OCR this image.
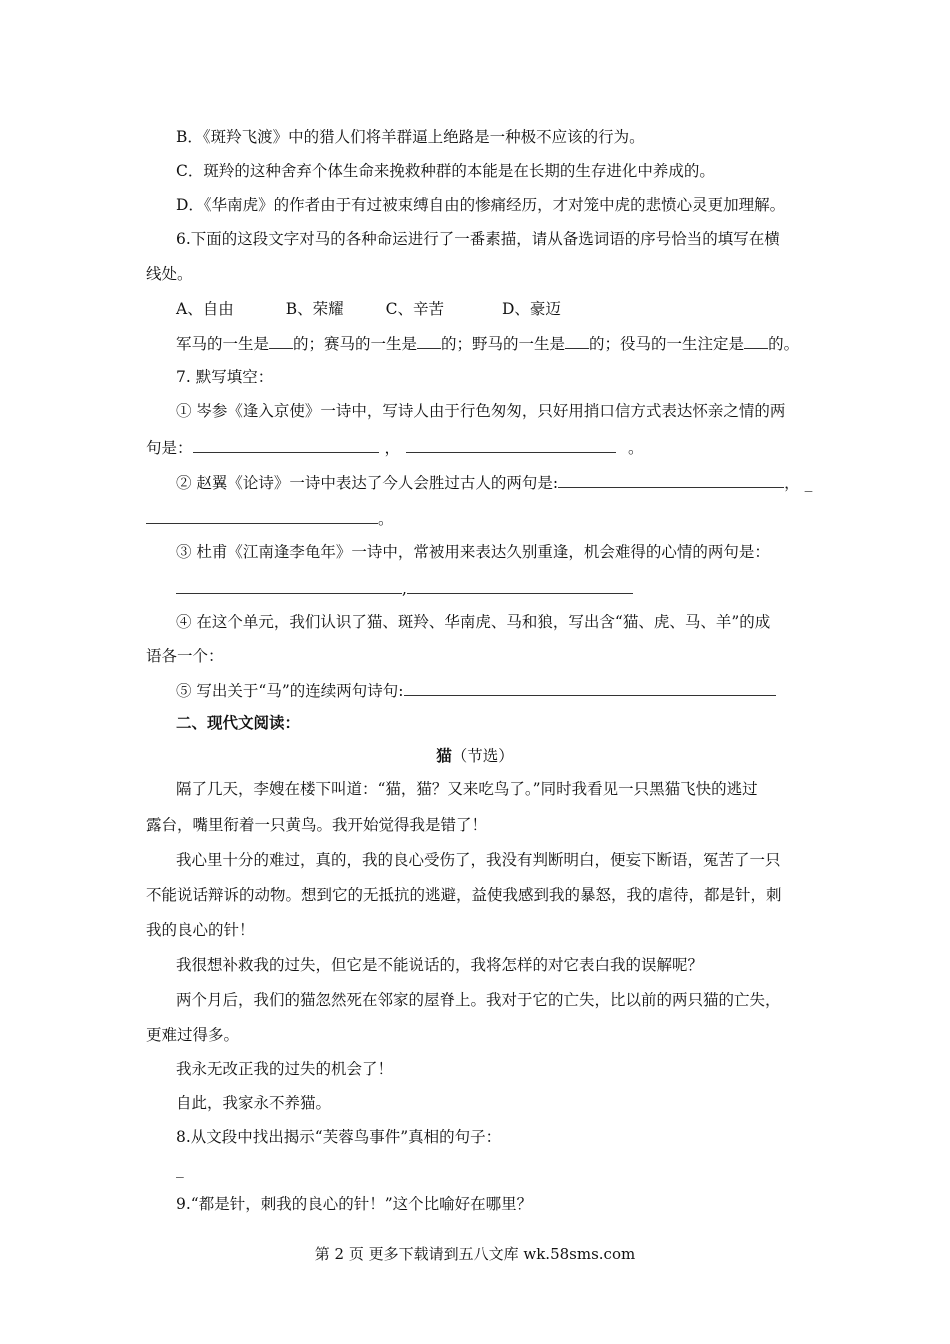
B．《斑羚飞渡》中的猎人们将羊群逼上绝路是一种极不应该的行为。
C．斑羚的这种舍弃个体生命来挽救种群的本能是在长期的生存进化中养成的。
D．《华南虎》的作者由于有过被束缚自由的惨痛经历，才对笼中虎的悲愤心灵更加理解。
6.下面的这段文字对马的各种命运进行了一番素描，请从备选词语的序号恰当的填写在横
线处。
A、自由	B、荣耀	C、辛苦	D、豪迈
军马的一生是 的；赛马的一生是 的；野马的一生是 的；役马的一生注定是 的。
7. 默写填空：
① 岑参《逢入京使》一诗中，写诗人由于行色匆匆，只好用捎口信方式表达怀亲之情的两
句是：	，	。
② 赵翼《论诗》一诗中表达了今人会胜过古人的两句是:	， _
。
③ 杜甫《江南逢李龟年》一诗中，常被用来表达久别重逢，机会难得的心情的两句是：
,
④ 在这个单元，我们认识了猫、斑羚、华南虎、马和狼，写出含“猫、虎、马、羊”的成
语各一个：
⑤ 写出关于“马”的连续两句诗句:
二、现代文阅读：
猫（节选）
隔了几天，李嫂在楼下叫道：“猫，猫？又来吃鸟了。”同时我看见一只黑猫飞快的逃过
露台，嘴里衔着一只黄鸟。我开始觉得我是错了！
我心里十分的难过，真的，我的良心受伤了，我没有判断明白，便妄下断语，冤苦了一只
不能说话辩诉的动物。想到它的无抵抗的逃避，益使我感到我的暴怒，我的虐待，都是针，刺
我的良心的针！
我很想补救我的过失，但它是不能说话的，我将怎样的对它表白我的误解呢？
两个月后，我们的猫忽然死在邻家的屋脊上。我对于它的亡失，比以前的两只猫的亡失，
更难过得多。
我永无改正我的过失的机会了！
自此，我家永不养猫。
8.从文段中找出揭示“芙蓉鸟事件”真相的句子：
_
9.“都是针，刺我的良心的针！”这个比喻好在哪里？
第 2 页 更多下载请到五八文库 wk.58sms.com
